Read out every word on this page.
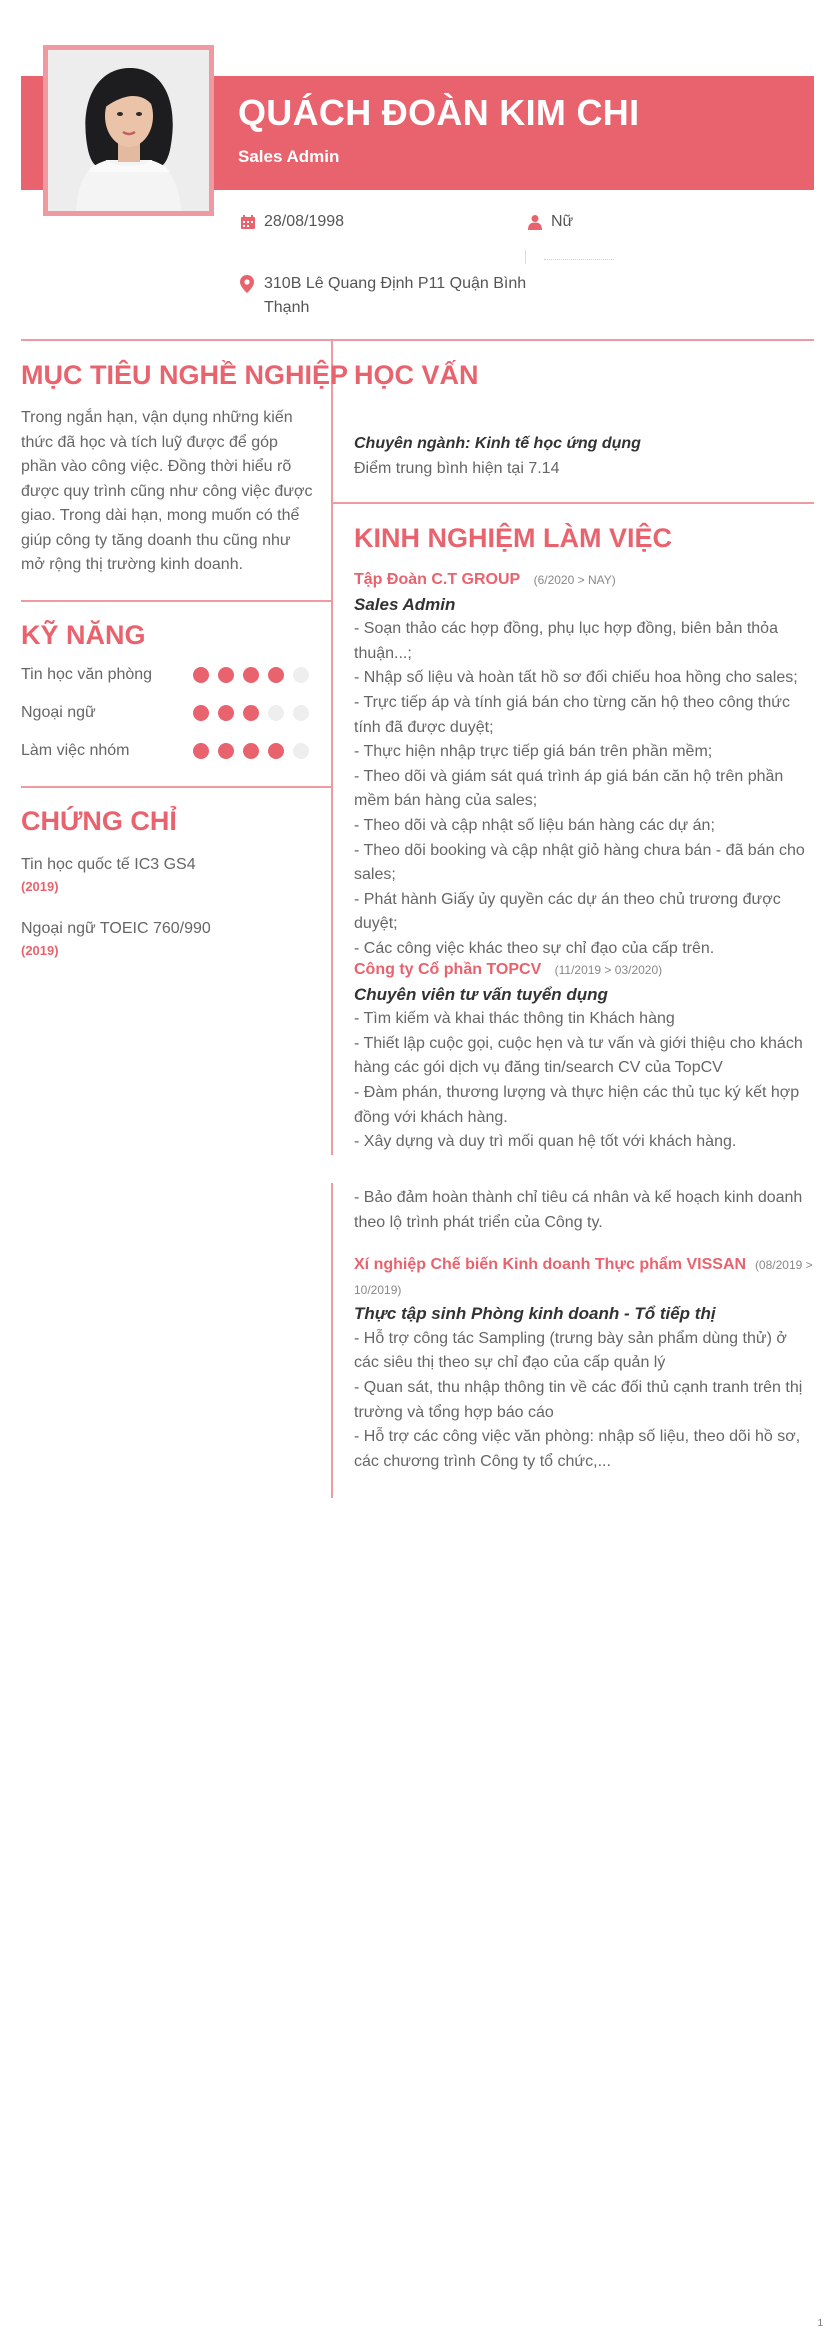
QUÁCH ĐOÀN KIM CHI
Sales Admin
28/08/1998	Nữ
310B Lê Quang Định P11 Quận Bình Thạnh
MỤC TIÊU NGHỀ NGHIỆP
Trong ngắn hạn, vận dụng những kiến thức đã học và tích luỹ được để góp phần vào công việc. Đồng thời hiểu rõ được quy trình cũng như công việc được giao. Trong dài hạn, mong muốn có thể giúp công ty tăng doanh thu cũng như mở rộng thị trường kinh doanh.
KỸ NĂNG
Tin học văn phòng
Ngoại ngữ
Làm việc nhóm
CHỨNG CHỈ
Tin học quốc tế IC3 GS4
(2019)
Ngoại ngữ TOEIC 760/990
(2019)
HỌC VẤN
Chuyên ngành: Kinh tế học ứng dụng
Điểm trung bình hiện tại 7.14
KINH NGHIỆM LÀM VIỆC
Tập Đoàn C.T GROUP (6/2020 > NAY)
Sales Admin
- Soạn thảo các hợp đồng, phụ lục hợp đồng, biên bản thỏa thuận...;
- Nhập số liệu và hoàn tất hồ sơ đối chiếu hoa hồng cho sales;
- Trực tiếp áp và tính giá bán cho từng căn hộ theo công thức tính đã được duyệt;
- Thực hiện nhập trực tiếp giá bán trên phần mềm;
- Theo dõi và giám sát quá trình áp giá bán căn hộ trên phần mềm bán hàng của sales;
- Theo dõi và cập nhật số liệu bán hàng các dự án;
- Theo dõi booking và cập nhật giỏ hàng chưa bán - đã bán cho sales;
- Phát hành Giấy ủy quyền các dự án theo chủ trương được duyệt;
- Các công việc khác theo sự chỉ đạo của cấp trên.
Công ty Cổ phần TOPCV (11/2019 > 03/2020)
Chuyên viên tư vấn tuyển dụng
- Tìm kiếm và khai thác thông tin Khách hàng
- Thiết lập cuộc gọi, cuộc hẹn và tư vấn và giới thiệu cho khách hàng các gói dịch vụ đăng tin/search CV của TopCV
- Đàm phán, thương lượng và thực hiện các thủ tục ký kết hợp đồng với khách hàng.
- Xây dựng và duy trì mối quan hệ tốt với khách hàng.
- Bảo đảm hoàn thành chỉ tiêu cá nhân và kế hoạch kinh doanh theo lộ trình phát triển của Công ty.
Xí nghiệp Chế biến Kinh doanh Thực phẩm VISSAN (08/2019 > 10/2019)
Thực tập sinh Phòng kinh doanh - Tổ tiếp thị
- Hỗ trợ công tác Sampling (trưng bày sản phẩm dùng thử) ở các siêu thị theo sự chỉ đạo của cấp quản lý
- Quan sát, thu nhập thông tin về các đối thủ cạnh tranh trên thị trường và tổng hợp báo cáo
- Hỗ trợ các công việc văn phòng: nhập số liệu, theo dõi hồ sơ, các chương trình Công ty tổ chức,...
1
